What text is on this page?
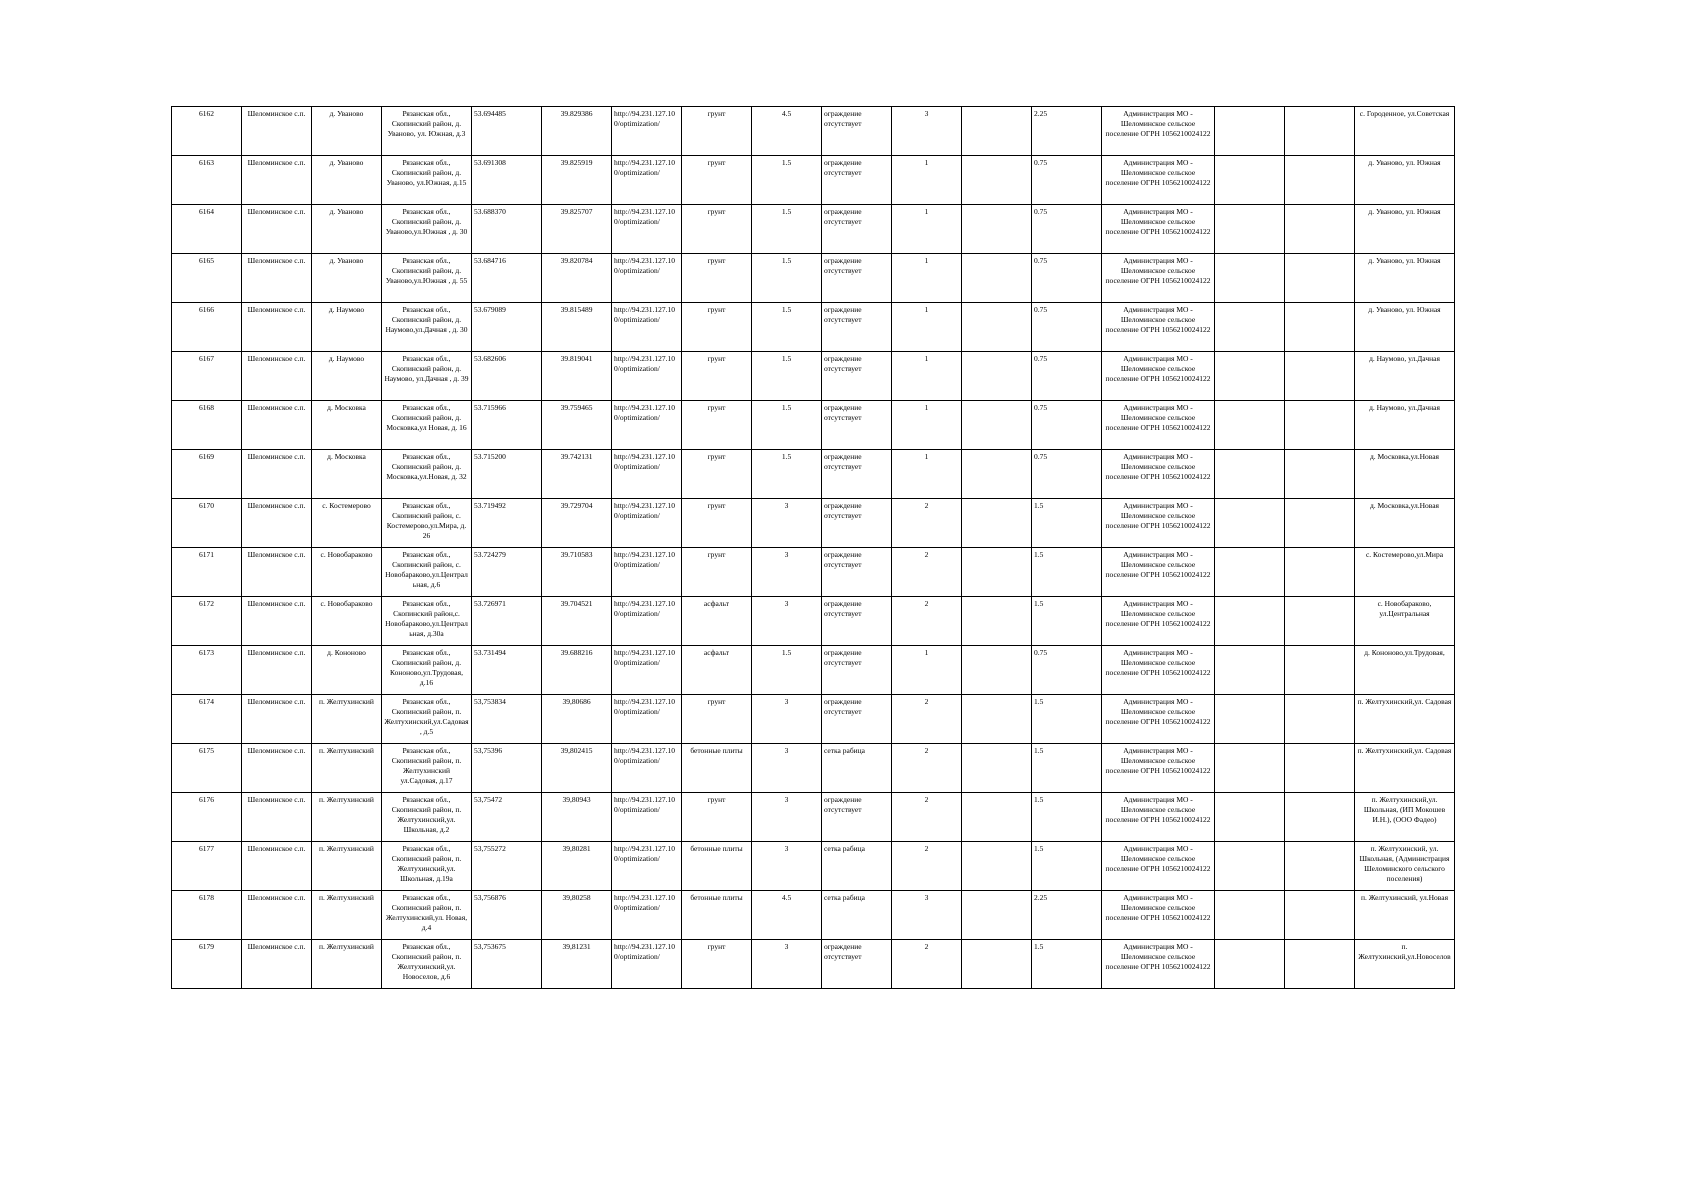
6162	Шеломинское с.п.	д. Уваново	Рязанская обл., Скопинский район, д. Уваново, ул. Южная, д.3	53.694485	39.829386	http://94.231.127.10 0/optimization/	грунт	4.5	ограждение отсутствует	3		2.25	Администрация МО - Шеломинское сельское поселение ОГРН 1056210024122			с. Городенное, ул.Советская
6163	Шеломинское с.п.	д. Уваново	Рязанская обл., Скопинский район, д. Уваново, ул.Южная, д.15	53.691308	39.825919	http://94.231.127.10 0/optimization/	грунт	1.5	ограждение отсутствует	1		0.75	Администрация МО - Шеломинское сельское поселение ОГРН 1056210024122			д. Уваново, ул. Южная
6164	Шеломинское с.п.	д. Уваново	Рязанская обл., Скопинский район, д. Уваново,ул.Южная , д. 30	53.688370	39.825707	http://94.231.127.10 0/optimization/	грунт	1.5	ограждение отсутствует	1		0.75	Администрация МО - Шеломинское сельское поселение ОГРН 1056210024122			д. Уваново, ул. Южная
6165	Шеломинское с.п.	д. Уваново	Рязанская обл., Скопинский район, д. Уваново,ул.Южная , д. 55	53.684716	39.820784	http://94.231.127.10 0/optimization/	грунт	1.5	ограждение отсутствует	1		0.75	Администрация МО - Шеломинское сельское поселение ОГРН 1056210024122			д. Уваново, ул. Южная
6166	Шеломинское с.п.	д. Наумово	Рязанская обл., Скопинский район, д. Наумово,ул.Дачная , д. 30	53.679089	39.815489	http://94.231.127.10 0/optimization/	грунт	1.5	ограждение отсутствует	1		0.75	Администрация МО - Шеломинское сельское поселение ОГРН 1056210024122			д. Уваново, ул. Южная
6167	Шеломинское с.п.	д. Наумово	Рязанская обл., Скопинский район, д. Наумово, ул.Дачная , д. 39	53.682606	39.819041	http://94.231.127.10 0/optimization/	грунт	1.5	ограждение отсутствует	1		0.75	Администрация МО - Шеломинское сельское поселение ОГРН 1056210024122			д. Наумово, ул.Дачная
6168	Шеломинское с.п.	д. Московка	Рязанская обл., Скопинский район, д. Московка,ул Новая, д. 16	53.715966	39.759465	http://94.231.127.10 0/optimization/	грунт	1.5	ограждение отсутствует	1		0.75	Администрация МО - Шеломинское сельское поселение ОГРН 1056210024122			д. Наумово, ул.Дачная
6169	Шеломинское с.п.	д. Московка	Рязанская обл., Скопинский район, д. Московка,ул.Новая, д. 32	53.715200	39.742131	http://94.231.127.10 0/optimization/	грунт	1.5	ограждение отсутствует	1		0.75	Администрация МО - Шеломинское сельское поселение ОГРН 1056210024122			д. Московка,ул.Новая
6170	Шеломинское с.п.	с. Костемерово	Рязанская обл., Скопинский район, с. Костемерово,ул.Мира, д. 26	53.719492	39.729704	http://94.231.127.10 0/optimization/	грунт	3	ограждение отсутствует	2		1.5	Администрация МО - Шеломинское сельское поселение ОГРН 1056210024122			д. Московка,ул.Новая
6171	Шеломинское с.п.	с. Новобараково	Рязанская обл., Скопинский район, с. Новобараково,ул.Центральная, д.6	53.724279	39.710583	http://94.231.127.10 0/optimization/	грунт	3	ограждение отсутствует	2		1.5	Администрация МО - Шеломинское сельское поселение ОГРН 1056210024122			с. Костемерово,ул.Мира
6172	Шеломинское с.п.	с. Новобараково	Рязанская обл., Скопинский район,с. Новобараково,ул.Центральная, д.30а	53.726971	39.704521	http://94.231.127.10 0/optimization/	асфальт	3	ограждение отсутствует	2		1.5	Администрация МО - Шеломинское сельское поселение ОГРН 1056210024122			с. Новобараково, ул.Центральная
6173	Шеломинское с.п.	д. Кононово	Рязанская обл., Скопинский район, д. Кононово,ул.Трудовая, д.16	53.731494	39.688216	http://94.231.127.10 0/optimization/	асфальт	1.5	ограждение отсутствует	1		0.75	Администрация МО - Шеломинское сельское поселение ОГРН 1056210024122			д. Кононово,ул.Трудовая,
6174	Шеломинское с.п.	п. Желтухинский	Рязанская обл., Скопинский район, п. Желтухинский,ул.Садовая, д.5	53,753834	39,80686	http://94.231.127.10 0/optimization/	грунт	3	ограждение отсутствует	2		1.5	Администрация МО - Шеломинское сельское поселение ОГРН 1056210024122			п. Желтухинский,ул. Садовая
6175	Шеломинское с.п.	п. Желтухинский	Рязанская обл., Скопинский район, п. Желтухинский ул.Садовая, д.17	53,75396	39,802415	http://94.231.127.10 0/optimization/	бетонные плиты	3	сетка рабица	2		1.5	Администрация МО - Шеломинское сельское поселение ОГРН 1056210024122			п. Желтухинский,ул. Садовая
6176	Шеломинское с.п.	п. Желтухинский	Рязанская обл., Скопинский район, п. Желтухинский,ул. Школьная, д.2	53,75472	39,80943	http://94.231.127.10 0/optimization/	грунт	3	ограждение отсутствует	2		1.5	Администрация МО - Шеломинское сельское поселение ОГРН 1056210024122			п. Желтухинский,ул. Школьная, (ИП Мокошев И.Н.), (ООО Фадео)
6177	Шеломинское с.п.	п. Желтухинский	Рязанская обл., Скопинский район, п. Желтухинский,ул. Школьная, д.19а	53,755272	39,80281	http://94.231.127.10 0/optimization/	бетонные плиты	3	сетка рабица	2		1.5	Администрация МО - Шеломинское сельское поселение ОГРН 1056210024122			п. Желтухинский, ул. Школьная, (Администрация Шеломинского сельского поселения)
6178	Шеломинское с.п.	п. Желтухинский	Рязанская обл., Скопинский район, п. Желтухинский,ул. Новая, д.4	53,756876	39,80258	http://94.231.127.10 0/optimization/	бетонные плиты	4.5	сетка рабица	3		2.25	Администрация МО - Шеломинское сельское поселение ОГРН 1056210024122			п. Желтухинский, ул.Новая
6179	Шеломинское с.п.	п. Желтухинский	Рязанская обл., Скопинский район, п. Желтухинский,ул. Новоселов, д.6	53,753675	39,81231	http://94.231.127.10 0/optimization/	грунт	3	ограждение отсутствует	2		1.5	Администрация МО - Шеломинское сельское поселение ОГРН 1056210024122			п. Желтухинский,ул.Новоселов
